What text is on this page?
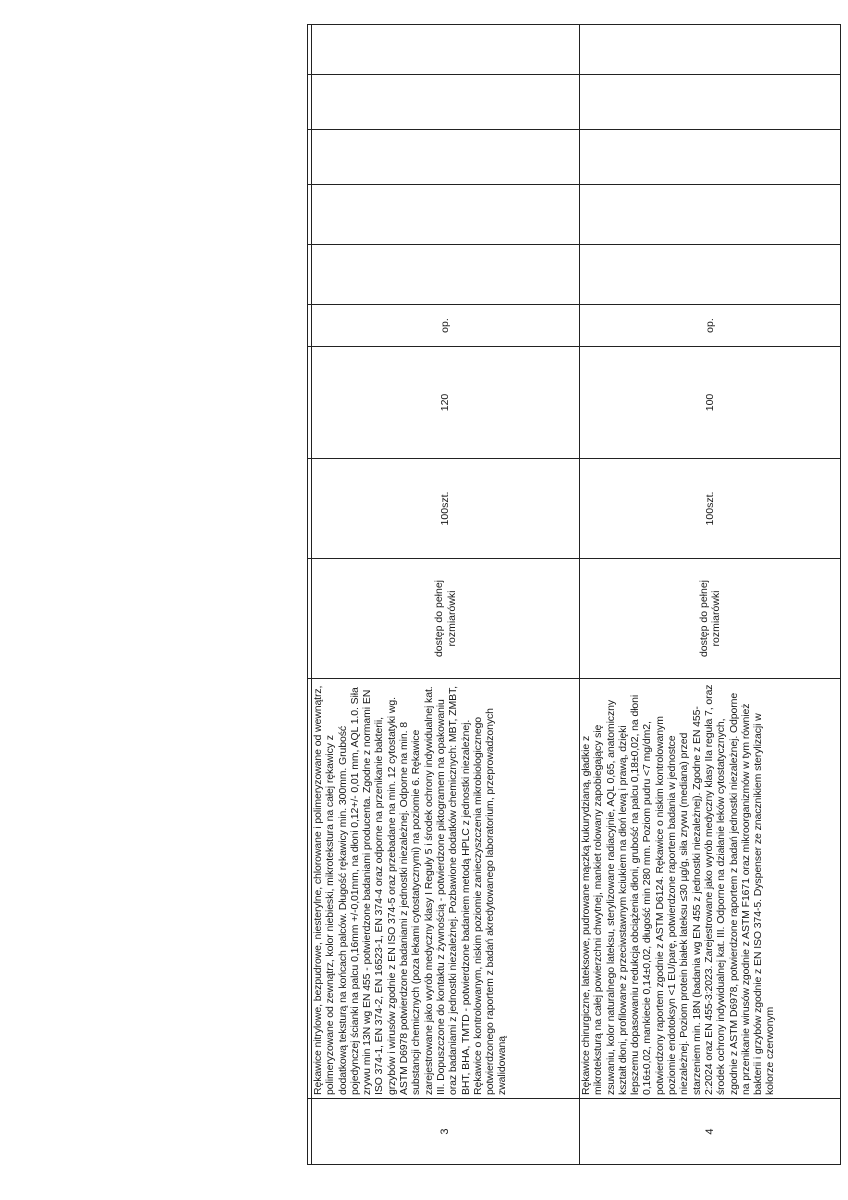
3	Rękawice nitrylowe, bezpudrowe, niesterylne, chlorowane i polimeryzowane od wewnątrz, polimeryzowane od zewnątrz, kolor niebieski, mikrotekstura na całej rękawicy z dodatkową teksturą na końcach palców. Długość rękawicy min. 300mm. Grubość pojedynczej ścianki na palcu 0,16mm +/-0,01mm, na dłoni 0,12+/- 0,01 mm, AQL 1.0. Siła zrywu min 13N wg EN 455 - potwierdzone badaniami producenta. Zgodne z normami EN ISO 374-1, EN 374-2, EN 16523-1, EN 374-4 oraz odporne na przenikanie bakterii, grzybów i wirusów zgodnie z EN ISO 374-5 oraz przebadane na min. 12 cytostatyki wg. ASTM D6978 potwierdzone badaniami z jednostki niezależnej. Odporne na min. 8 substancji chemicznych (poza lekami cytostatycznymi) na poziomie 6. Rękawice zarejestrowane jako wyrób medyczny klasy I Reguły 5 i środek ochrony indywidualnej kat. III. Dopuszczone do kontaktu z żywnością - potwierdzone piktogramem na opakowaniu oraz badaniami z jednostki niezależnej. Pozbawione dodatków chemicznych: MBT, ZMBT, BHT, BHA, TMTD - potwierdzone badaniem metodą HPLC z jednostki niezależnej. Rękawice o kontrolowanym, niskim poziomie zanieczyszczenia mikrobiologicznego potwierdzonego raportem z badań akredytowanego laboratorium, przeprowadzonych zwalidowaną	dostęp do pełnej rozmiarówki	100szt.	120	op.					
4	Rękawice chirurgiczne, lateksowe, pudrowane mączką kukurydzianą, gładkie z mikroteksturą na całej powierzchni chwytnej, mankiet rolowany zapobiegający się zsuwaniu, kolor naturalnego lateksu, sterylizowane radiacyjnie, AQL 0,65, anatomiczny kształt dłoni, profilowane z przeciwstawnym kciukiem na dłoń lewą i prawą, dzięki lepszemu dopasowaniu redukcja obciążenia dłoni, grubość na palcu 0,18±0,02, na dłoni 0,16±0,02, mankiecie 0,14±0,02, długość min 280 mm. Poziom pudru <7 mg/dm2, potwierdzony raportem zgodnie z ASTM D6124. Rękawice o niskim kontrolowanym poziomie endotoksyn <1 EU/parę, potwierdzone raportem badania w jednostce niezależnej. Poziom protein białek lateksu ≤30 µg/g, siła zrywu (mediana) przed starzeniem min. 18N (badania wg EN 455 z jednostki niezależnej). Zgodne z EN 455-2:2024 oraz EN 455-3:2023. Zarejestrowane jako wyrób medyczny klasy IIa reguła 7, oraz środek ochrony indywidualnej kat. III. Odporne na działanie leków cytostatycznych, zgodnie z ASTM D6978, potwierdzone raportem z badań jednostki niezależnej. Odporne na przenikanie wirusów zgodnie z ASTM F1671 oraz mikroorganizmów w tym również bakterii i grzybów zgodnie z EN ISO 374-5. Dyspenser ze znacznikiem sterylizacji w kolorze czerwonym	dostęp do pełnej rozmiarówki	100szt.	100	op.					
